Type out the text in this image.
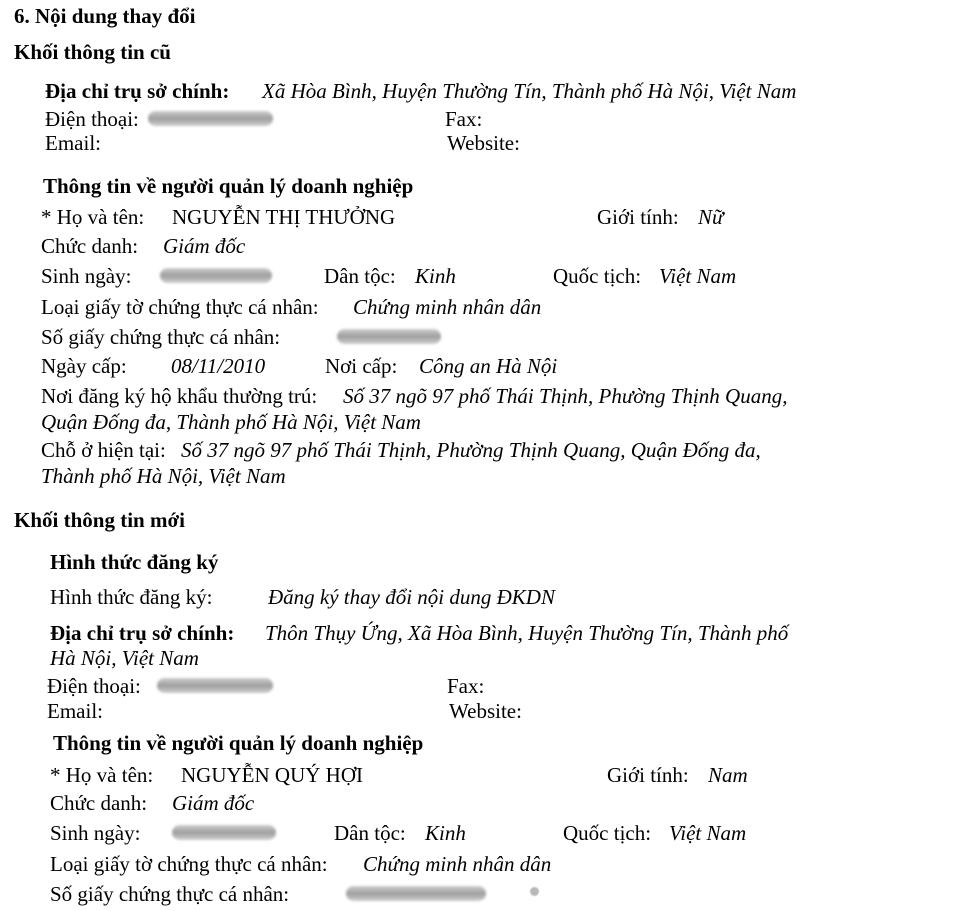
6. Nội dung thay đổi
Khối thông tin cũ
Địa chỉ trụ sở chính: Xã Hòa Bình, Huyện Thường Tín, Thành phố Hà Nội, Việt Nam
Điện thoại:	Fax:
Email:	Website:
Thông tin về người quản lý doanh nghiệp
* Họ và tên: NGUYỄN THỊ THƯỞNG	Giới tính: Nữ
Chức danh: Giám đốc
Sinh ngày:	Dân tộc: Kinh	Quốc tịch: Việt Nam
Loại giấy tờ chứng thực cá nhân: Chứng minh nhân dân
Số giấy chứng thực cá nhân:
Ngày cấp: 08/11/2010	Nơi cấp: Công an Hà Nội
Nơi đăng ký hộ khẩu thường trú: Số 37 ngõ 97 phố Thái Thịnh, Phường Thịnh Quang,
Quận Đống đa, Thành phố Hà Nội, Việt Nam
Chỗ ở hiện tại: Số 37 ngõ 97 phố Thái Thịnh, Phường Thịnh Quang, Quận Đống đa,
Thành phố Hà Nội, Việt Nam
Khối thông tin mới
Hình thức đăng ký
Hình thức đăng ký:	Đăng ký thay đổi nội dung ĐKDN
Địa chỉ trụ sở chính: Thôn Thụy Ứng, Xã Hòa Bình, Huyện Thường Tín, Thành phố
Hà Nội, Việt Nam
Điện thoại:	Fax:
Email:	Website:
Thông tin về người quản lý doanh nghiệp
* Họ và tên: NGUYỄN QUÝ HỢI	Giới tính: Nam
Chức danh: Giám đốc
Sinh ngày:	Dân tộc: Kinh	Quốc tịch: Việt Nam
Loại giấy tờ chứng thực cá nhân: Chứng minh nhân dân
Số giấy chứng thực cá nhân:
